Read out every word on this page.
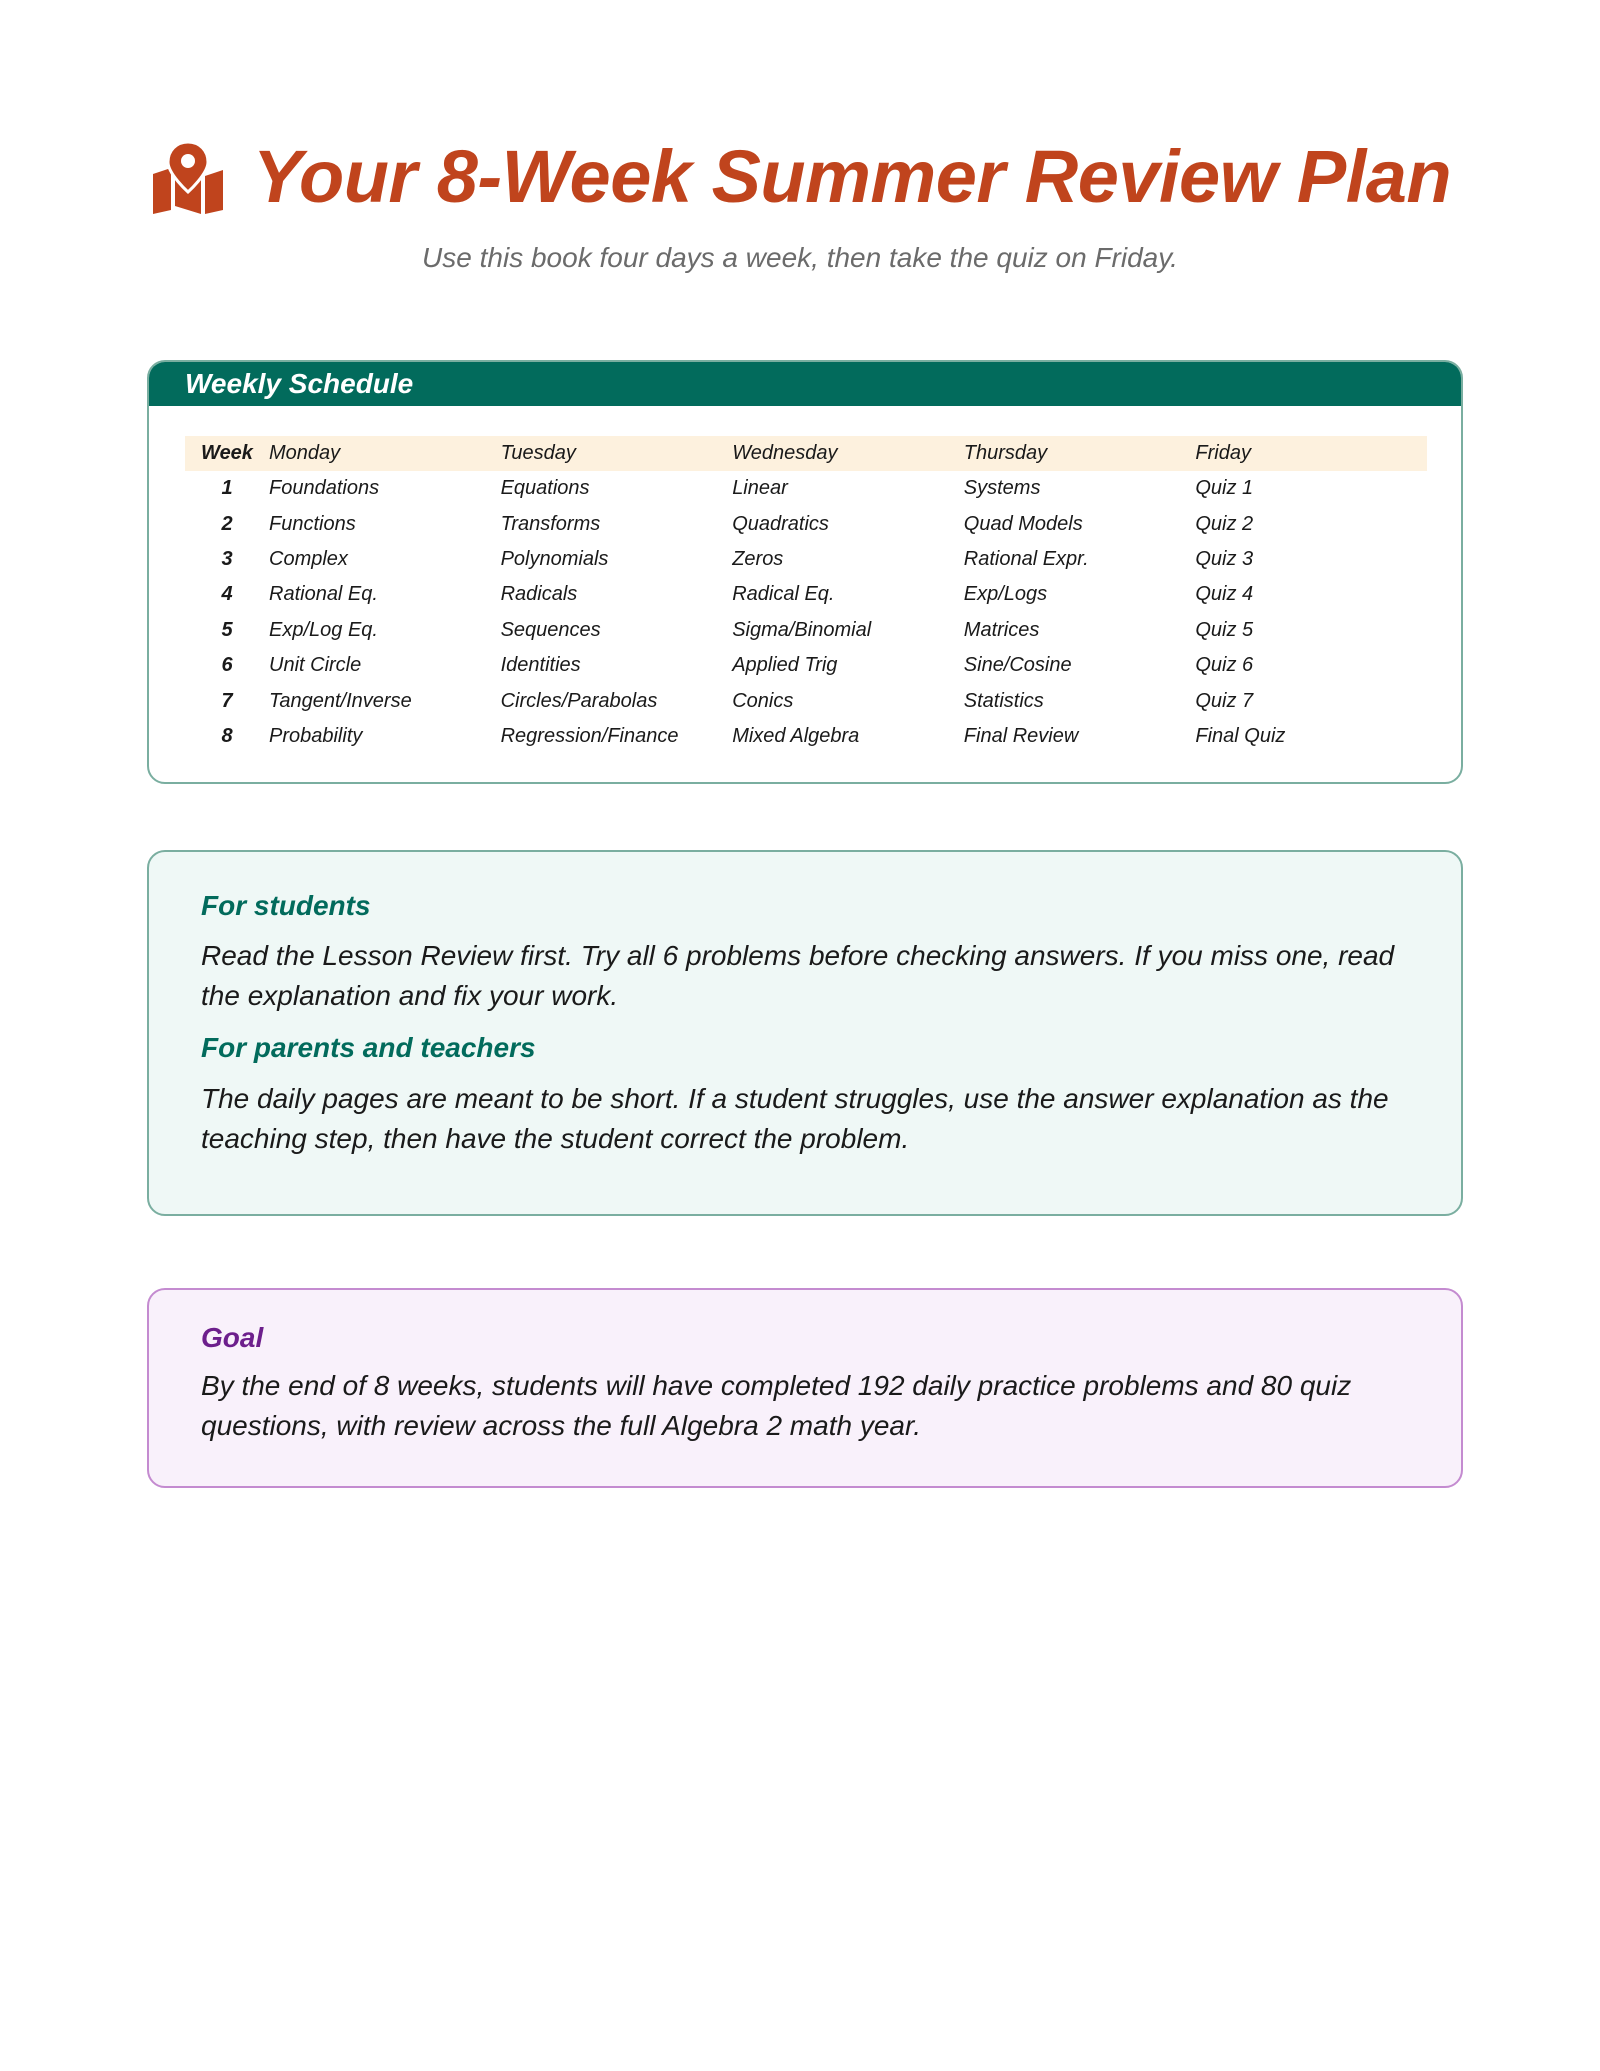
Your 8-Week Summer Review Plan
Use this book four days a week, then take the quiz on Friday.
Weekly Schedule
Week	Monday	Tuesday	Wednesday	Thursday	Friday
1	Foundations	Equations	Linear	Systems	Quiz 1
2	Functions	Transforms	Quadratics	Quad Models	Quiz 2
3	Complex	Polynomials	Zeros	Rational Expr.	Quiz 3
4	Rational Eq.	Radicals	Radical Eq.	Exp/Logs	Quiz 4
5	Exp/Log Eq.	Sequences	Sigma/Binomial	Matrices	Quiz 5
6	Unit Circle	Identities	Applied Trig	Sine/Cosine	Quiz 6
7	Tangent/Inverse	Circles/Parabolas	Conics	Statistics	Quiz 7
8	Probability	Regression/Finance	Mixed Algebra	Final Review	Final Quiz

For students

Read the Lesson Review first. Try all 6 problems before checking answers. If you miss one, read the explanation and fix your work.

For parents and teachers

The daily pages are meant to be short. If a student struggles, use the answer explanation as the teaching step, then have the student correct the problem.

Goal

By the end of 8 weeks, students will have completed 192 daily practice problems and 80 quiz questions, with review across the full Algebra 2 math year.
